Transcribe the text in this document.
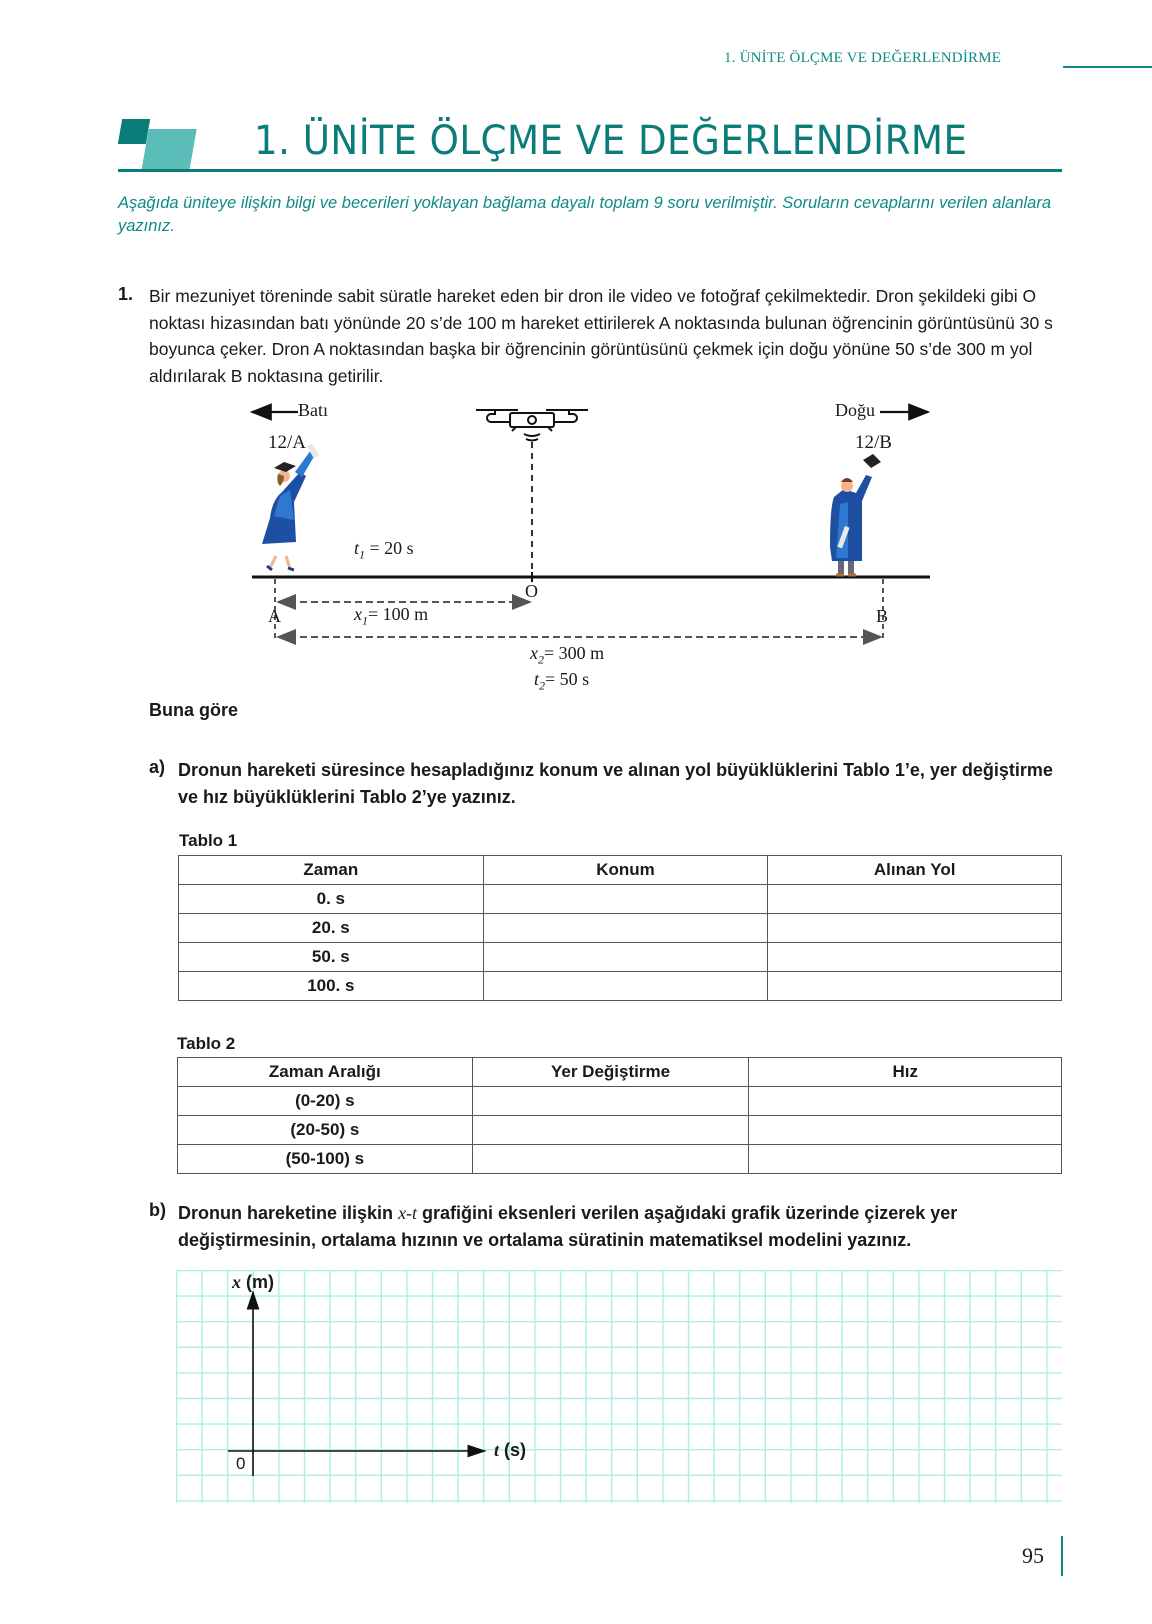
1. ÜNİTE ÖLÇME VE DEĞERLENDİRME
1. ÜNİTE ÖLÇME VE DEĞERLENDİRME
Aşağıda üniteye ilişkin bilgi ve becerileri yoklayan bağlama dayalı toplam 9 soru verilmiştir. Soruların cevaplarını verilen alanlara yazınız.
1. Bir mezuniyet töreninde sabit süratle hareket eden bir dron ile video ve fotoğraf çekilmektedir. Dron şekildeki gibi O noktası hizasından batı yönünde 20 s’de 100 m hareket ettirilerek A noktasında bulunan öğrencinin görüntüsünü 30 s boyunca çeker. Dron A noktasından başka bir öğrencinin görüntüsünü çekmek için doğu yönüne 50 s’de 300 m yol aldırılarak B noktasına getirilir.
Batı	Doğu
12/A	12/B
$t_1 = 20$ s
O
A	B
$x_1= 100$ m
$x_2= 300$ m
$t_2= 50$ s
Buna göre
a) Dronun hareketi süresince hesapladığınız konum ve alınan yol büyüklüklerini Tablo 1’e, yer değiştirme ve hız büyüklüklerini Tablo 2’ye yazınız.
Tablo 1
Zaman	Konum	Alınan Yol
0. s		
20. s		
50. s		
100. s		
Tablo 2
Zaman Aralığı	Yer Değiştirme	Hız
(0-20) s		
(20-50) s		
(50-100) s		
b) Dronun hareketine ilişkin x-t grafiğini eksenleri verilen aşağıdaki grafik üzerinde çizerek yer değiştirmesinin, ortalama hızının ve ortalama süratinin matematiksel modelini yazınız.
x (m)
t (s)
0
95
